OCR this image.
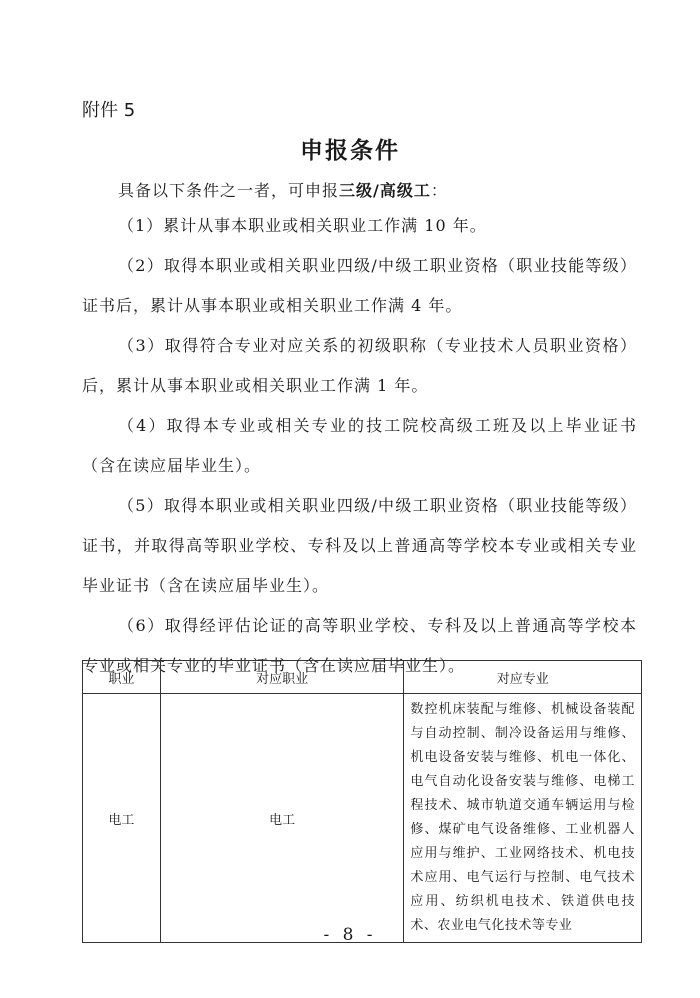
附件 5
申报条件
具备以下条件之一者，可申报三级/高级工：

（1）累计从事本职业或相关职业工作满 10 年。

（2）取得本职业或相关职业四级/中级工职业资格（职业技能等级）证书后，累计从事本职业或相关职业工作满 4 年。

（3）取得符合专业对应关系的初级职称（专业技术人员职业资格）后，累计从事本职业或相关职业工作满 1 年。

（4）取得本专业或相关专业的技工院校高级工班及以上毕业证书（含在读应届毕业生）。

（5）取得本职业或相关职业四级/中级工职业资格（职业技能等级）证书，并取得高等职业学校、专科及以上普通高等学校本专业或相关专业毕业证书（含在读应届毕业生）。

（6）取得经评估论证的高等职业学校、专科及以上普通高等学校本专业或相关专业的毕业证书（含在读应届毕业生）。

职业	对应职业	对应专业
电工	电工	数控机床装配与维修、机械设备装配与自动控制、制冷设备运用与维修、机电设备安装与维修、机电一体化、电气自动化设备安装与维修、电梯工程技术、城市轨道交通车辆运用与检修、煤矿电气设备维修、工业机器人应用与维护、工业网络技术、机电技术应用、电气运行与控制、电气技术应用、纺织机电技术、铁道供电技术、农业电气化技术等专业
- 8 -
